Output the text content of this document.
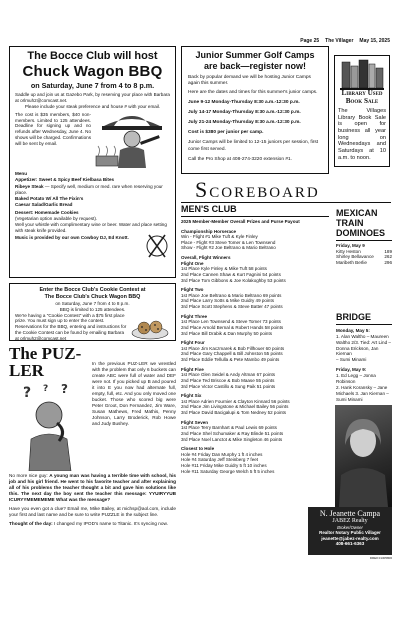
Page 25 The Villager May 15, 2025
The Bocce Club will host
Chuck Wagon BBQ
on Saturday, June 7 from 4 to 8 p.m.

Saddle up and join us at Gazebo Park, by reserving your place with Barbara at orlmuh2@comcast.net.

Please include your steak preference and house # with your email.

The cost is $35 members, $40 non-members. Limited to 125 attendees. Deadline for signing up and no refunds after Wednesday, June 4. No shows will be charged. Confirmations will be sent by email.

Menu

Appetizer: Sweet & Spicy Beef Kielbasa Bites

Ribeye Steak — Specify well, medium or med. rare when reserving your place.

Baked Potato W/ All The Fixin's

Caesar Salad/Garlic Bread

Dessert: Homemade Cookies

(Vegetarian option available by request).

Well your whistle with complimentary wine or beer. Water and place setting with steak knife provided.

Music is provided by our own Cowboy DJ, Ed Knott.

Enter the Bocce Club's Cookie Contest at
The Bocce Club's Chuck Wagon BBQ
on Saturday, June 7 from 4 to 8 p.m.
BBQ is limited to 125 attendees.

We're having a "Cookie Contest" with a $75 first place prize. You must sign up to enter the contest.

Reservations for the BBQ, entering and instructions for the Cookie Contest can be found by emailing Barbara at orlmuh2@comcast.net

The PUZ-LER
? ?
?

In the previous PUZ-LER we wrestled with the problem that only 6 buckets can create ABC were full of water and DEF were not. If you picked up B and poured it into E you now had alternate full, empty, full, etc. And you only moved one bucket. Those who scored big were Peter Groot, Don Fernandez, Jim Ware, Susan Mathews, Fred Mathis, Penny Johnson, Larry Broderick, Rob Howe and Judy Bushey.

No more nice guy: A young man was having a terrible time with school, his job and his girl friend. He went to his favorite teacher and after explaining all of his problems the teacher thought a bit and gave him solutions like this. The next day the boy sent the teacher this message: YYUIRYYUB ICURYYMEMEMEME What was the message?

Have you even got a clue? Email me, Mike Bailey, at michsp@aol.com, include your first and last name and be sure to write PUZZLE in the subject line.

Thought of the day: I changed my IPOD's name to Titanic. It's syncing now.

Junior Summer Golf Camps
are back—register now!

Back by popular demand we will be hosting Junior Camps again this summer.

Here are the dates and times for this summer's junior camps.

June 9-12 Monday-Thursday 8:30 a.m.-12:30 p.m.

July 14-17 Monday-Thursday 8:30 a.m.-12:30 p.m.

July 21-24 Monday-Thursday 8:30 a.m.-12:30 p.m.

Cost is $380 per junior per camp.

Junior Camps will be limited to 12-15 juniors per session, first come first served.

Call the Pro Shop at 408-274-3220 extension #1.

Library Used
Book Sale

The Villages Library Book Sale is open for business all year long on Wednesdays and Saturdays at 10 a.m. to noon.

Scoreboard
MEN'S CLUB

2025 Member-Member Overall Prizes and Purse Payout

Championship Horserace

Win - Flight #1 Mike Tuft & Kyle Finley

Place - Flight #3 Steve Tomer & Len Townsend

Show - Flight #2 Joe Beltrano & Mario Beltrano

Overall, Flight Winners

Flight One

1st Place Kyle Finley & Mike Tuft 58 points

2nd Place Cannen Shaw & Kurt Fagnini 54 points

3rd Place Tom Gibbons & Joe Kolakoghby 53 points

Flight Two

1st Place Joe Beltrano & Mario Beltrano 69 points

2nd Place Larry Sotts & Mike Guidry 49 points

3rd Place Scott Stephens & Steve Batter 47 points

Flight Three

1st Place Len Townsend & Steve Tomer 73 points

2nd Place Arnold Bernal & Robert Hands 58 points

3rd Place Bill Drabik & Dan Murphy 50 points

Flight Four

1st Place Jim Kaczmarek & Bob Fillhouer 60 points

2nd Place Gary Chappell & Bill Johnston 55 points

3rd Place Eddie Tellulla & Pete Mambo 49 points

Flight Five

1st Place Glen Seidel & Andy Altman 67 points

2nd Place Ted Briscoe & Bob Maase 55 points

3rd Place Victor Castillo & Sung Paik 51 points

Flight Six

1st Place Adrien Fournier & Clayton Kinnard 56 points

2nd Place Jim Livingstone & Michael Bailey 56 points

3rd Place David Bacigalupi & Tom Nedney 52 points

Flight Seven

1st Place Terry Barnhart & Paul Lewis 69 points

2nd Place Shel Schumaker & Ray Blinde 51 points

3rd Place Noel Lanctot & Mike Singleton 46 points

Closest to Hole

Hole #4 Friday Dan Murphy 1 ft 4 inches

Hole #4 Saturday Jeff Steinberg 7 feet

Hole #11 Friday Mike Guidry 5 ft 10 inches

Hole #11 Saturday George Welch 5 ft 5 inches

MEXICAN
TRAIN
DOMINOES

Friday, May 9

Kitty Heston	189
Shirley Bellavance 262
Maribeth Berlie	296
BRIDGE

Monday, May 5:

1. Alan Waltho – Maureen

Waltho 2/3. Tied: Art Lind –

Donna Erickson, Jan Kiernan

– Sumi Minami

Friday, May 9:

1. Ed Legg – Jonna Robinson

2. Hank Koransky – Jane

Michaels 3. Jan Kiernan –

Sumi Minami

N. Jeanette Campa
JABEZ Realty
Broker/Owner
Realtor Notary Public Villager
jeanette@jabez-realty.com
408-661-6363
DRE# 01305806
